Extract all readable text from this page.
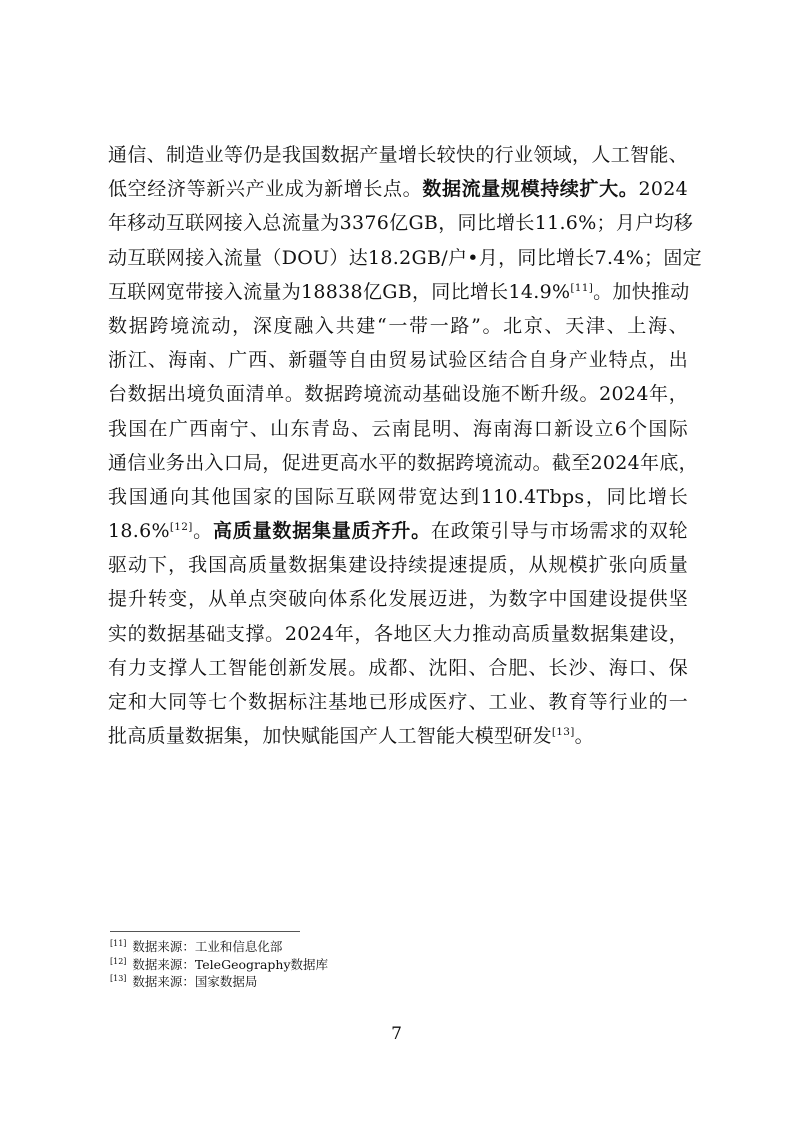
通信、制造业等仍是我国数据产量增长较快的行业领域，人工智能、
低空经济等新兴产业成为新增长点。数据流量规模持续扩大。2024
年移动互联网接入总流量为3376亿GB，同比增长11.6%；月户均移
动互联网接入流量（DOU）达18.2GB/户•月，同比增长7.4%；固定
互联网宽带接入流量为18838亿GB，同比增长14.9%[11]。加快推动
数据跨境流动，深度融入共建“一带一路”。北京、天津、上海、
浙江、海南、广西、新疆等自由贸易试验区结合自身产业特点，出
台数据出境负面清单。数据跨境流动基础设施不断升级。2024年，
我国在广西南宁、山东青岛、云南昆明、海南海口新设立6个国际
通信业务出入口局，促进更高水平的数据跨境流动。截至2024年底，
我国通向其他国家的国际互联网带宽达到110.4Tbps，同比增长
18.6%[12]。高质量数据集量质齐升。在政策引导与市场需求的双轮
驱动下，我国高质量数据集建设持续提速提质，从规模扩张向质量
提升转变，从单点突破向体系化发展迈进，为数字中国建设提供坚
实的数据基础支撑。2024年，各地区大力推动高质量数据集建设，
有力支撑人工智能创新发展。成都、沈阳、合肥、长沙、海口、保
定和大同等七个数据标注基地已形成医疗、工业、教育等行业的一
批高质量数据集，加快赋能国产人工智能大模型研发[13]。
[11] 数据来源：工业和信息化部
[12] 数据来源：TeleGeography数据库
[13] 数据来源：国家数据局
7
